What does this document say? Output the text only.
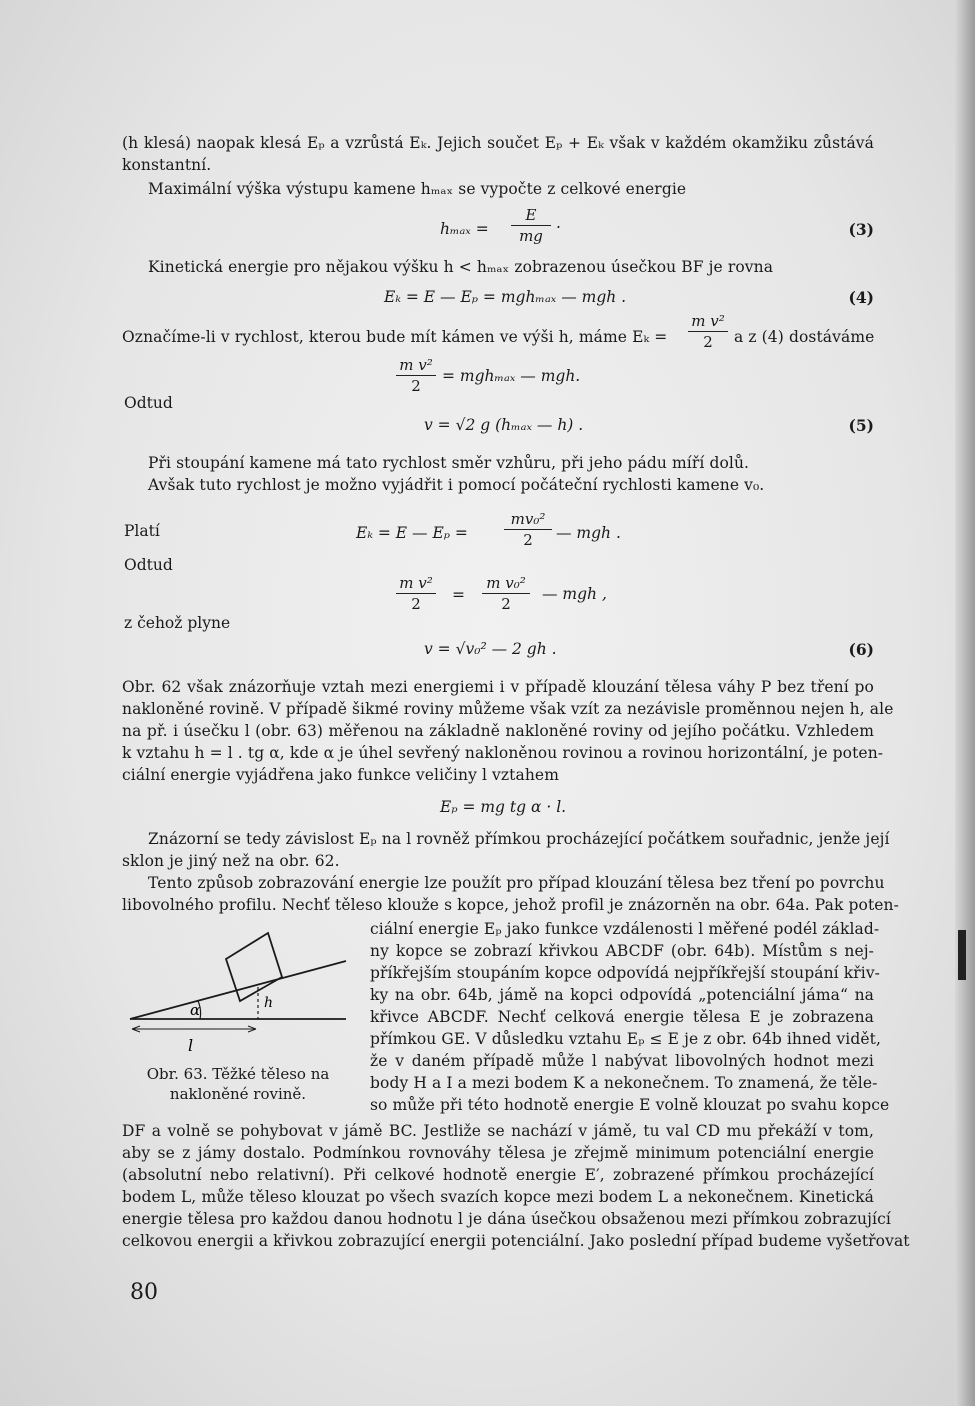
(h klesá) naopak klesá Eₚ a vzrůstá Eₖ. Jejich součet Eₚ + Eₖ však v každém okamžiku zůstává
konstantní.
Maximální výška výstupu kamene hₘₐₓ se vypočte z celkové energie
$h_{max} = \frac{E}{mg}$ .	(3)
Kinetická energie pro nějakou výšku h < hₘₐₓ zobrazenou úsečkou BF je rovna
Eₖ = E — Eₚ = mghₘₐₓ — mgh .	(4)
Označíme-li v rychlost, kterou bude mít kámen ve výši h, máme Eₖ =	$\frac{\text{m v²}}{2}$ a z (4) dostáváme
$\frac{\text{m v²}}{2} = mgh_{max}$ — mgh.
Odtud
v = √2 g (hₘₐₓ — h) .	(5)
Při stoupání kamene má tato rychlost směr vzhůru, při jeho pádu míří dolů.
Avšak tuto rychlost je možno vyjádřit i pomocí počáteční rychlosti kamene v₀.
Platí	Eₖ = E — $E_p = \frac{\text{mv₀²}}{2}$ — mgh .
Odtud
$\frac{\text{m v²}}{2} = \frac{\text{m v₀²}}{2}$ — mgh ,
z čehož plyne
v = √v₀² — 2 gh .	(6)
Obr. 62 však znázorňuje vztah mezi energiemi i v případě klouzání tělesa váhy P bez tření po
nakloněné rovině. V případě šikmé roviny můžeme však vzít za nezávisle proměnnou nejen h, ale
na př. i úsečku l (obr. 63) měřenou na základně nakloněné roviny od jejího počátku. Vzhledem
k vztahu h = l . tg α, kde α je úhel sevřený nakloněnou rovinou a rovinou horizontální, je poten-
ciální energie vyjádřena jako funkce veličiny l vztahem
Eₚ = mg tg α · l.
Znázorní se tedy závislost Eₚ na l rovněž přímkou procházející počátkem souřadnic, jenže její
sklon je jiný než na obr. 62.
Tento způsob zobrazování energie lze použít pro případ klouzání tělesa bez tření po povrchu
libovolného profilu. Nechť těleso klouže s kopce, jehož profil je znázorněn na obr. 64a. Pak poten-
α	h
l
Obr. 63. Těžké těleso na nakloněné rovině.
ciální energie Eₚ jako funkce vzdálenosti l měřené podél základ-
ny kopce se zobrazí křivkou ABCDF (obr. 64b). Místům s nej-
příkřejším stoupáním kopce odpovídá nejpříkřejší stoupání křiv-
ky na obr. 64b, jámě na kopci odpovídá „potenciální jáma“ na
křivce ABCDF. Nechť celková energie tělesa E je zobrazena
přímkou GE. V důsledku vztahu Eₚ ≤ E je z obr. 64b ihned vidět,
že v daném případě může l nabývat libovolných hodnot mezi
body H a I a mezi bodem K a nekonečnem. To znamená, že těle-
so může při této hodnotě energie E volně klouzat po svahu kopce
DF a volně se pohybovat v jámě BC. Jestliže se nachází v jámě, tu val CD mu překáží v tom,
aby se z jámy dostalo. Podmínkou rovnováhy tělesa je zřejmě minimum potenciální energie
(absolutní nebo relativní). Při celkové hodnotě energie E′, zobrazené přímkou procházející
bodem L, může těleso klouzat po všech svazích kopce mezi bodem L a nekonečnem. Kinetická
energie tělesa pro každou danou hodnotu l je dána úsečkou obsaženou mezi přímkou zobrazující
celkovou energii a křivkou zobrazující energii potenciální. Jako poslední případ budeme vyšetřovat
80
